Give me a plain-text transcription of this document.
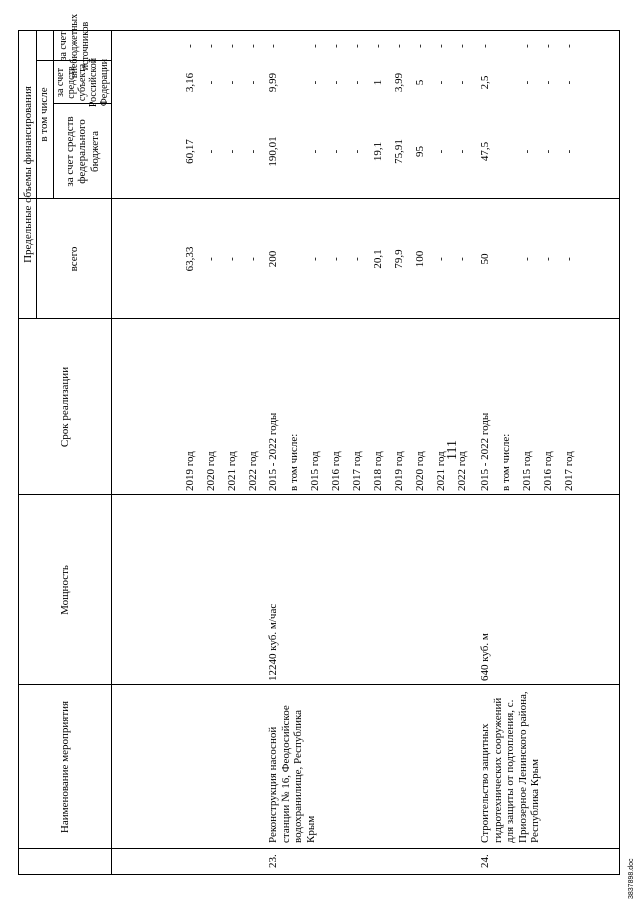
111
Наименование мероприятия
Мощность
Срок реализации
всего
Предельные объемы финансирования в том числе
за счет средств федерального бюджета
за счет средств субъекта Российской Федерации
за счет внебюджетных источников
23.
Реконструкция насосной станции № 16, Феодосийское водохранилище, Республика Крым
12240 куб. м/час
24.
Строительство защитных гидротехнических сооружений для защиты от подтопления, с. Приозерное Ленинского района, Республика Крым
640 куб. м
2019 год
63,33
60,17
3,16
-
2020 год
-
-
-
-
2021 год
-
-
-
-
2022 год
-
-
-
-
2015 - 2022 годы
200
190,01
9,99
-
в том числе: 2015 год
-
-
-
-
2016 год
-
-
-
-
2017 год
-
-
-
-
2018 год
20,1
19,1
1
-
2019 год
79,9
75,91
3,99
-
2020 год
100
95
5
-
2021 год
-
-
-
-
2022 год
-
-
-
-
2015 - 2022 годы
50
47,5
2,5
-
в том числе: 2015 год
-
-
-
-
2016 год
-
-
-
-
2017 год
-
-
-
-
3837898.doc
